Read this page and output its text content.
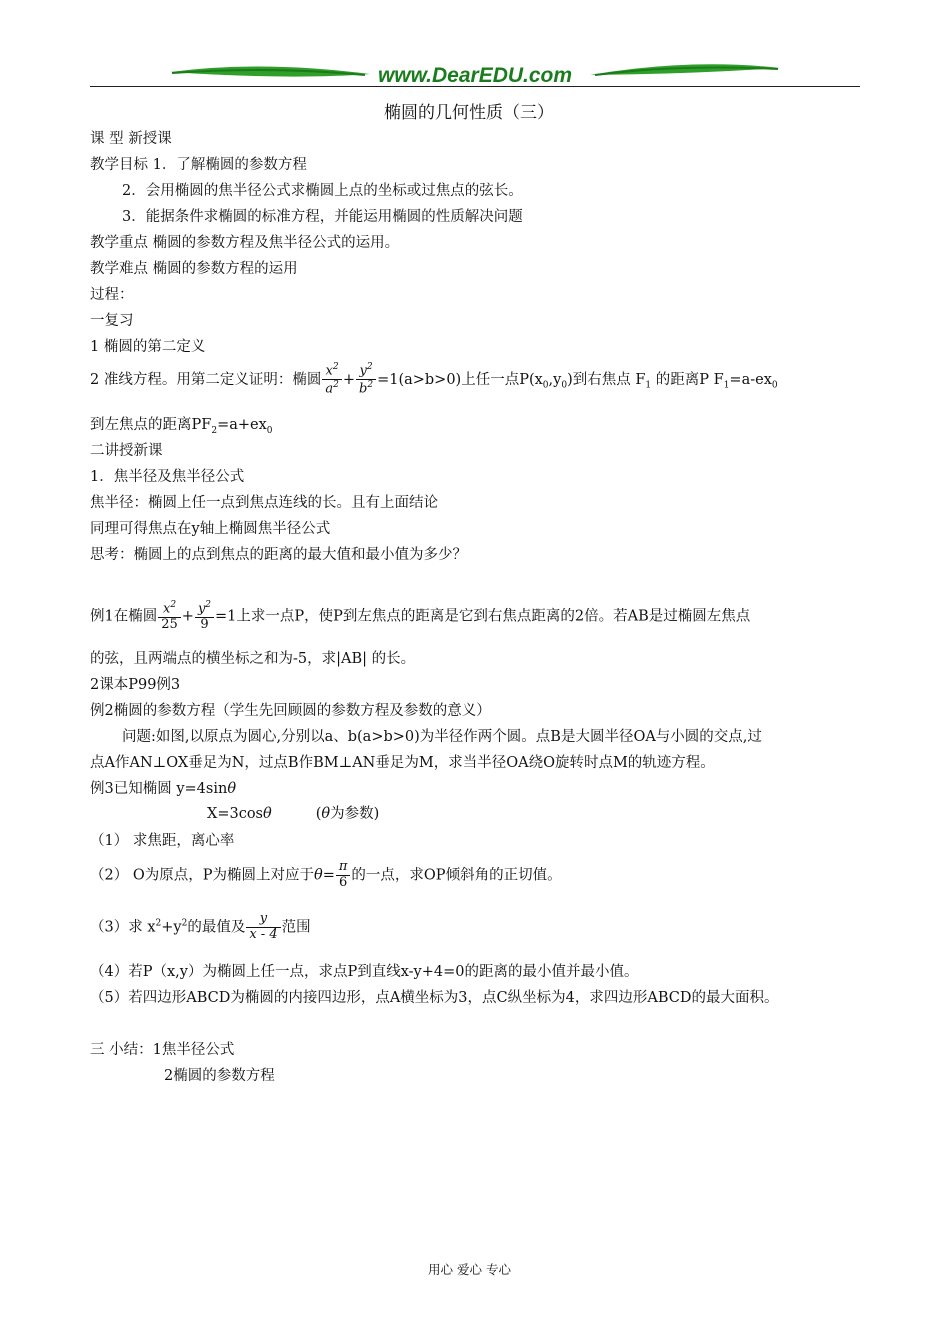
www.DearEDU.com
椭圆的几何性质（三）
课 型 新授课
教学目标 1．了解椭圆的参数方程
2．会用椭圆的焦半径公式求椭圆上点的坐标或过焦点的弦长。
3．能据条件求椭圆的标准方程，并能运用椭圆的性质解决问题
教学重点 椭圆的参数方程及焦半径公式的运用。
教学难点 椭圆的参数方程的运用
过程：
一复习
1 椭圆的第二定义
2 准线方程。用第二定义证明：椭圆 $\frac{x^2}{a^2} + \frac{y^2}{b^2} =1(a>b>0)$上任一点$P(x_0,y_0)$到右焦点 $F_1$ 的距离P $F_1=a-ex_0$
到左焦点的距离$PF_2=a+ex_0$
二讲授新课
1．焦半径及焦半径公式
焦半径：椭圆上任一点到焦点连线的长。且有上面结论
同理可得焦点在y轴上椭圆焦半径公式
思考：椭圆上的点到焦点的距离的最大值和最小值为多少？
例1在椭圆 $\frac{x^2}{25} + \frac{y^2}{9} =1$上求一点P，使P到左焦点的距离是它到右焦点距离的2倍。若AB是过椭圆左焦点
的弦，且两端点的横坐标之和为-5，求|AB| 的长。
2课本P99例3
例2椭圆的参数方程（学生先回顾圆的参数方程及参数的意义）
问题:如图,以原点为圆心,分别以a、b(a>b>0)为半径作两个圆。点B是大圆半径OA与小圆的交点,过
点A作AN⊥OX垂足为N，过点B作BM⊥AN垂足为M，求当半径OA绕O旋转时点M的轨迹方程。
例3已知椭圆 y=4sinθ
X=3cosθ	(θ为参数)
（1） 求焦距，离心率
（2） O为原点，P为椭圆上对应于$\theta= \frac{\pi}{6}$ 的一点，求OP倾斜角的正切值。
（3）求 $x^2+y^2$的最值及 $\frac{y}{x - 4}$ 范围
（4）若P（x,y）为椭圆上任一点，求点P到直线x-y+4=0的距离的最小值并最小值。
（5）若四边形ABCD为椭圆的内接四边形，点A横坐标为3，点C纵坐标为4，求四边形ABCD的最大面积。
三 小结：1焦半径公式
2椭圆的参数方程
用心 爱心 专心
